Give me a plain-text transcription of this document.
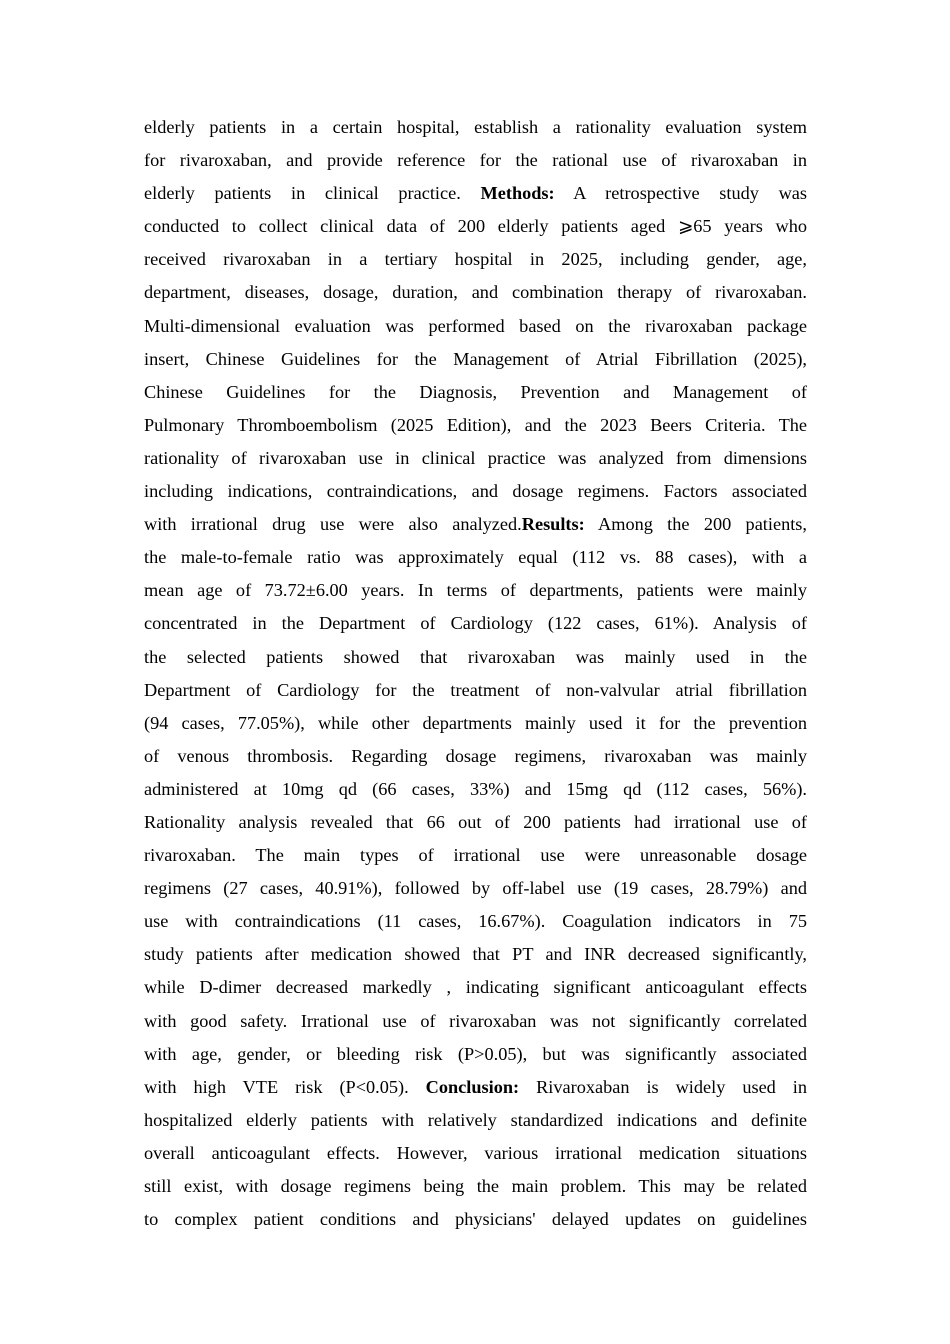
elderly patients in a certain hospital, establish a rationality evaluation system
for rivaroxaban, and provide reference for the rational use of rivaroxaban in
elderly patients in clinical practice. Methods: A retrospective study was
conducted to collect clinical data of 200 elderly patients aged ⩾65 years who
received rivaroxaban in a tertiary hospital in 2025, including gender, age,
department, diseases, dosage, duration, and combination therapy of rivaroxaban.
Multi-dimensional evaluation was performed based on the rivaroxaban package
insert, Chinese Guidelines for the Management of Atrial Fibrillation (2025),
Chinese Guidelines for the Diagnosis, Prevention and Management of
Pulmonary Thromboembolism (2025 Edition), and the 2023 Beers Criteria. The
rationality of rivaroxaban use in clinical practice was analyzed from dimensions
including indications, contraindications, and dosage regimens. Factors associated
with irrational drug use were also analyzed.Results: Among the 200 patients,
the male-to-female ratio was approximately equal (112 vs. 88 cases), with a
mean age of 73.72±6.00 years. In terms of departments, patients were mainly
concentrated in the Department of Cardiology (122 cases, 61%). Analysis of
the selected patients showed that rivaroxaban was mainly used in the
Department of Cardiology for the treatment of non-valvular atrial fibrillation
(94 cases, 77.05%), while other departments mainly used it for the prevention
of venous thrombosis. Regarding dosage regimens, rivaroxaban was mainly
administered at 10mg qd (66 cases, 33%) and 15mg qd (112 cases, 56%).
Rationality analysis revealed that 66 out of 200 patients had irrational use of
rivaroxaban. The main types of irrational use were unreasonable dosage
regimens (27 cases, 40.91%), followed by off-label use (19 cases, 28.79%) and
use with contraindications (11 cases, 16.67%). Coagulation indicators in 75
study patients after medication showed that PT and INR decreased significantly,
while D-dimer decreased markedly , indicating significant anticoagulant effects
with good safety. Irrational use of rivaroxaban was not significantly correlated
with age, gender, or bleeding risk (P>0.05), but was significantly associated
with high VTE risk (P<0.05). Conclusion: Rivaroxaban is widely used in
hospitalized elderly patients with relatively standardized indications and definite
overall anticoagulant effects. However, various irrational medication situations
still exist, with dosage regimens being the main problem. This may be related
to complex patient conditions and physicians' delayed updates on guidelines
